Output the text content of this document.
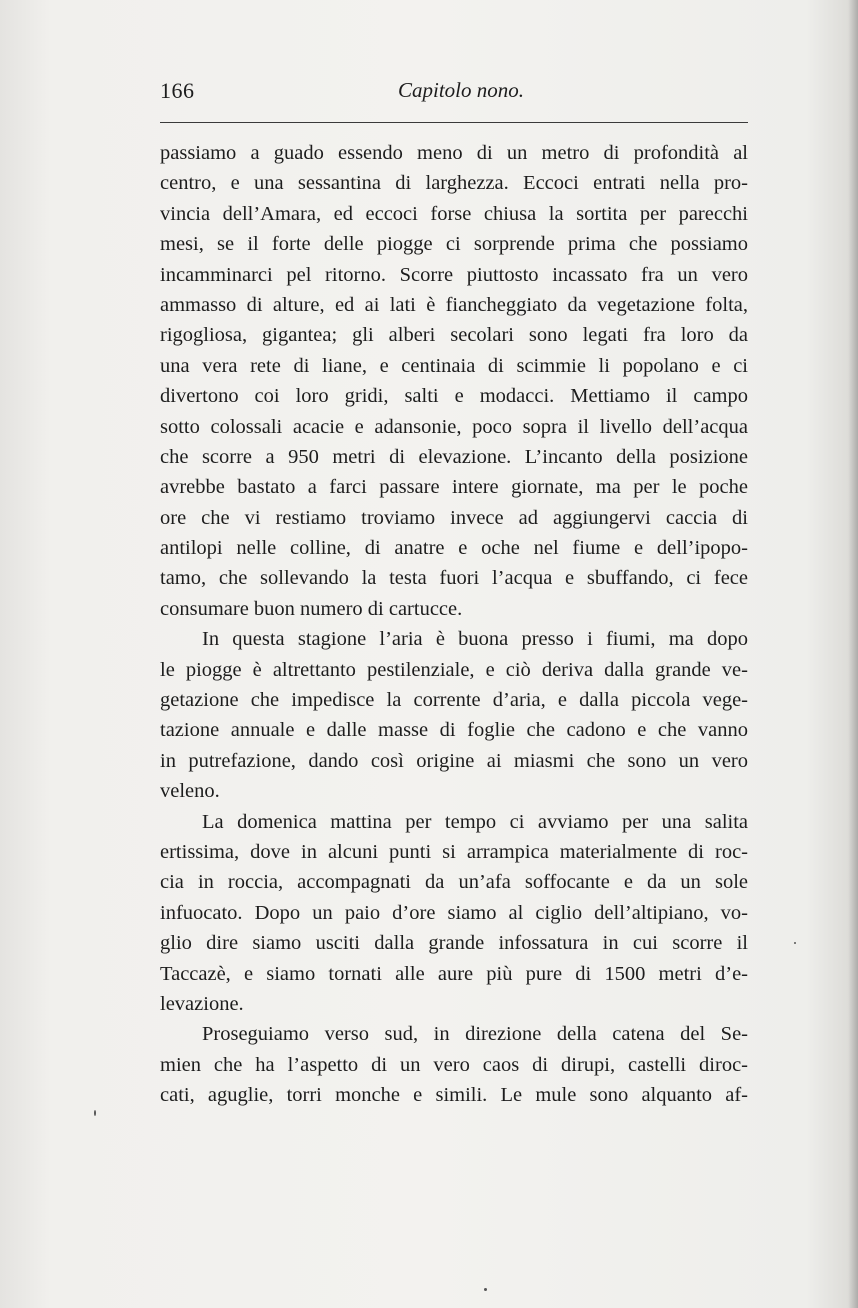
166	Capitolo nono.
passiamo a guado essendo meno di un metro di profondità al
centro, e una sessantina di larghezza. Eccoci entrati nella pro-
vincia dell’Amara, ed eccoci forse chiusa la sortita per parecchi
mesi, se il forte delle piogge ci sorprende prima che possiamo
incamminarci pel ritorno. Scorre piuttosto incassato fra un vero
ammasso di alture, ed ai lati è fiancheggiato da vegetazione folta,
rigogliosa, gigantea; gli alberi secolari sono legati fra loro da
una vera rete di liane, e centinaia di scimmie li popolano e ci
divertono coi loro gridi, salti e modacci. Mettiamo il campo
sotto colossali acacie e adansonie, poco sopra il livello dell’acqua
che scorre a 950 metri di elevazione. L’incanto della posizione
avrebbe bastato a farci passare intere giornate, ma per le poche
ore che vi restiamo troviamo invece ad aggiungervi caccia di
antilopi nelle colline, di anatre e oche nel fiume e dell’ipopo-
tamo, che sollevando la testa fuori l’acqua e sbuffando, ci fece
consumare buon numero di cartucce.
In questa stagione l’aria è buona presso i fiumi, ma dopo
le piogge è altrettanto pestilenziale, e ciò deriva dalla grande ve-
getazione che impedisce la corrente d’aria, e dalla piccola vege-
tazione annuale e dalle masse di foglie che cadono e che vanno
in putrefazione, dando così origine ai miasmi che sono un vero
veleno.
La domenica mattina per tempo ci avviamo per una salita
ertissima, dove in alcuni punti si arrampica materialmente di roc-
cia in roccia, accompagnati da un’afa soffocante e da un sole
infuocato. Dopo un paio d’ore siamo al ciglio dell’altipiano, vo-
glio dire siamo usciti dalla grande infossatura in cui scorre il
Taccazè, e siamo tornati alle aure più pure di 1500 metri d’e-
levazione.
Proseguiamo verso sud, in direzione della catena del Se-
mien che ha l’aspetto di un vero caos di dirupi, castelli diroc-
cati, aguglie, torri monche e simili. Le mule sono alquanto af-
